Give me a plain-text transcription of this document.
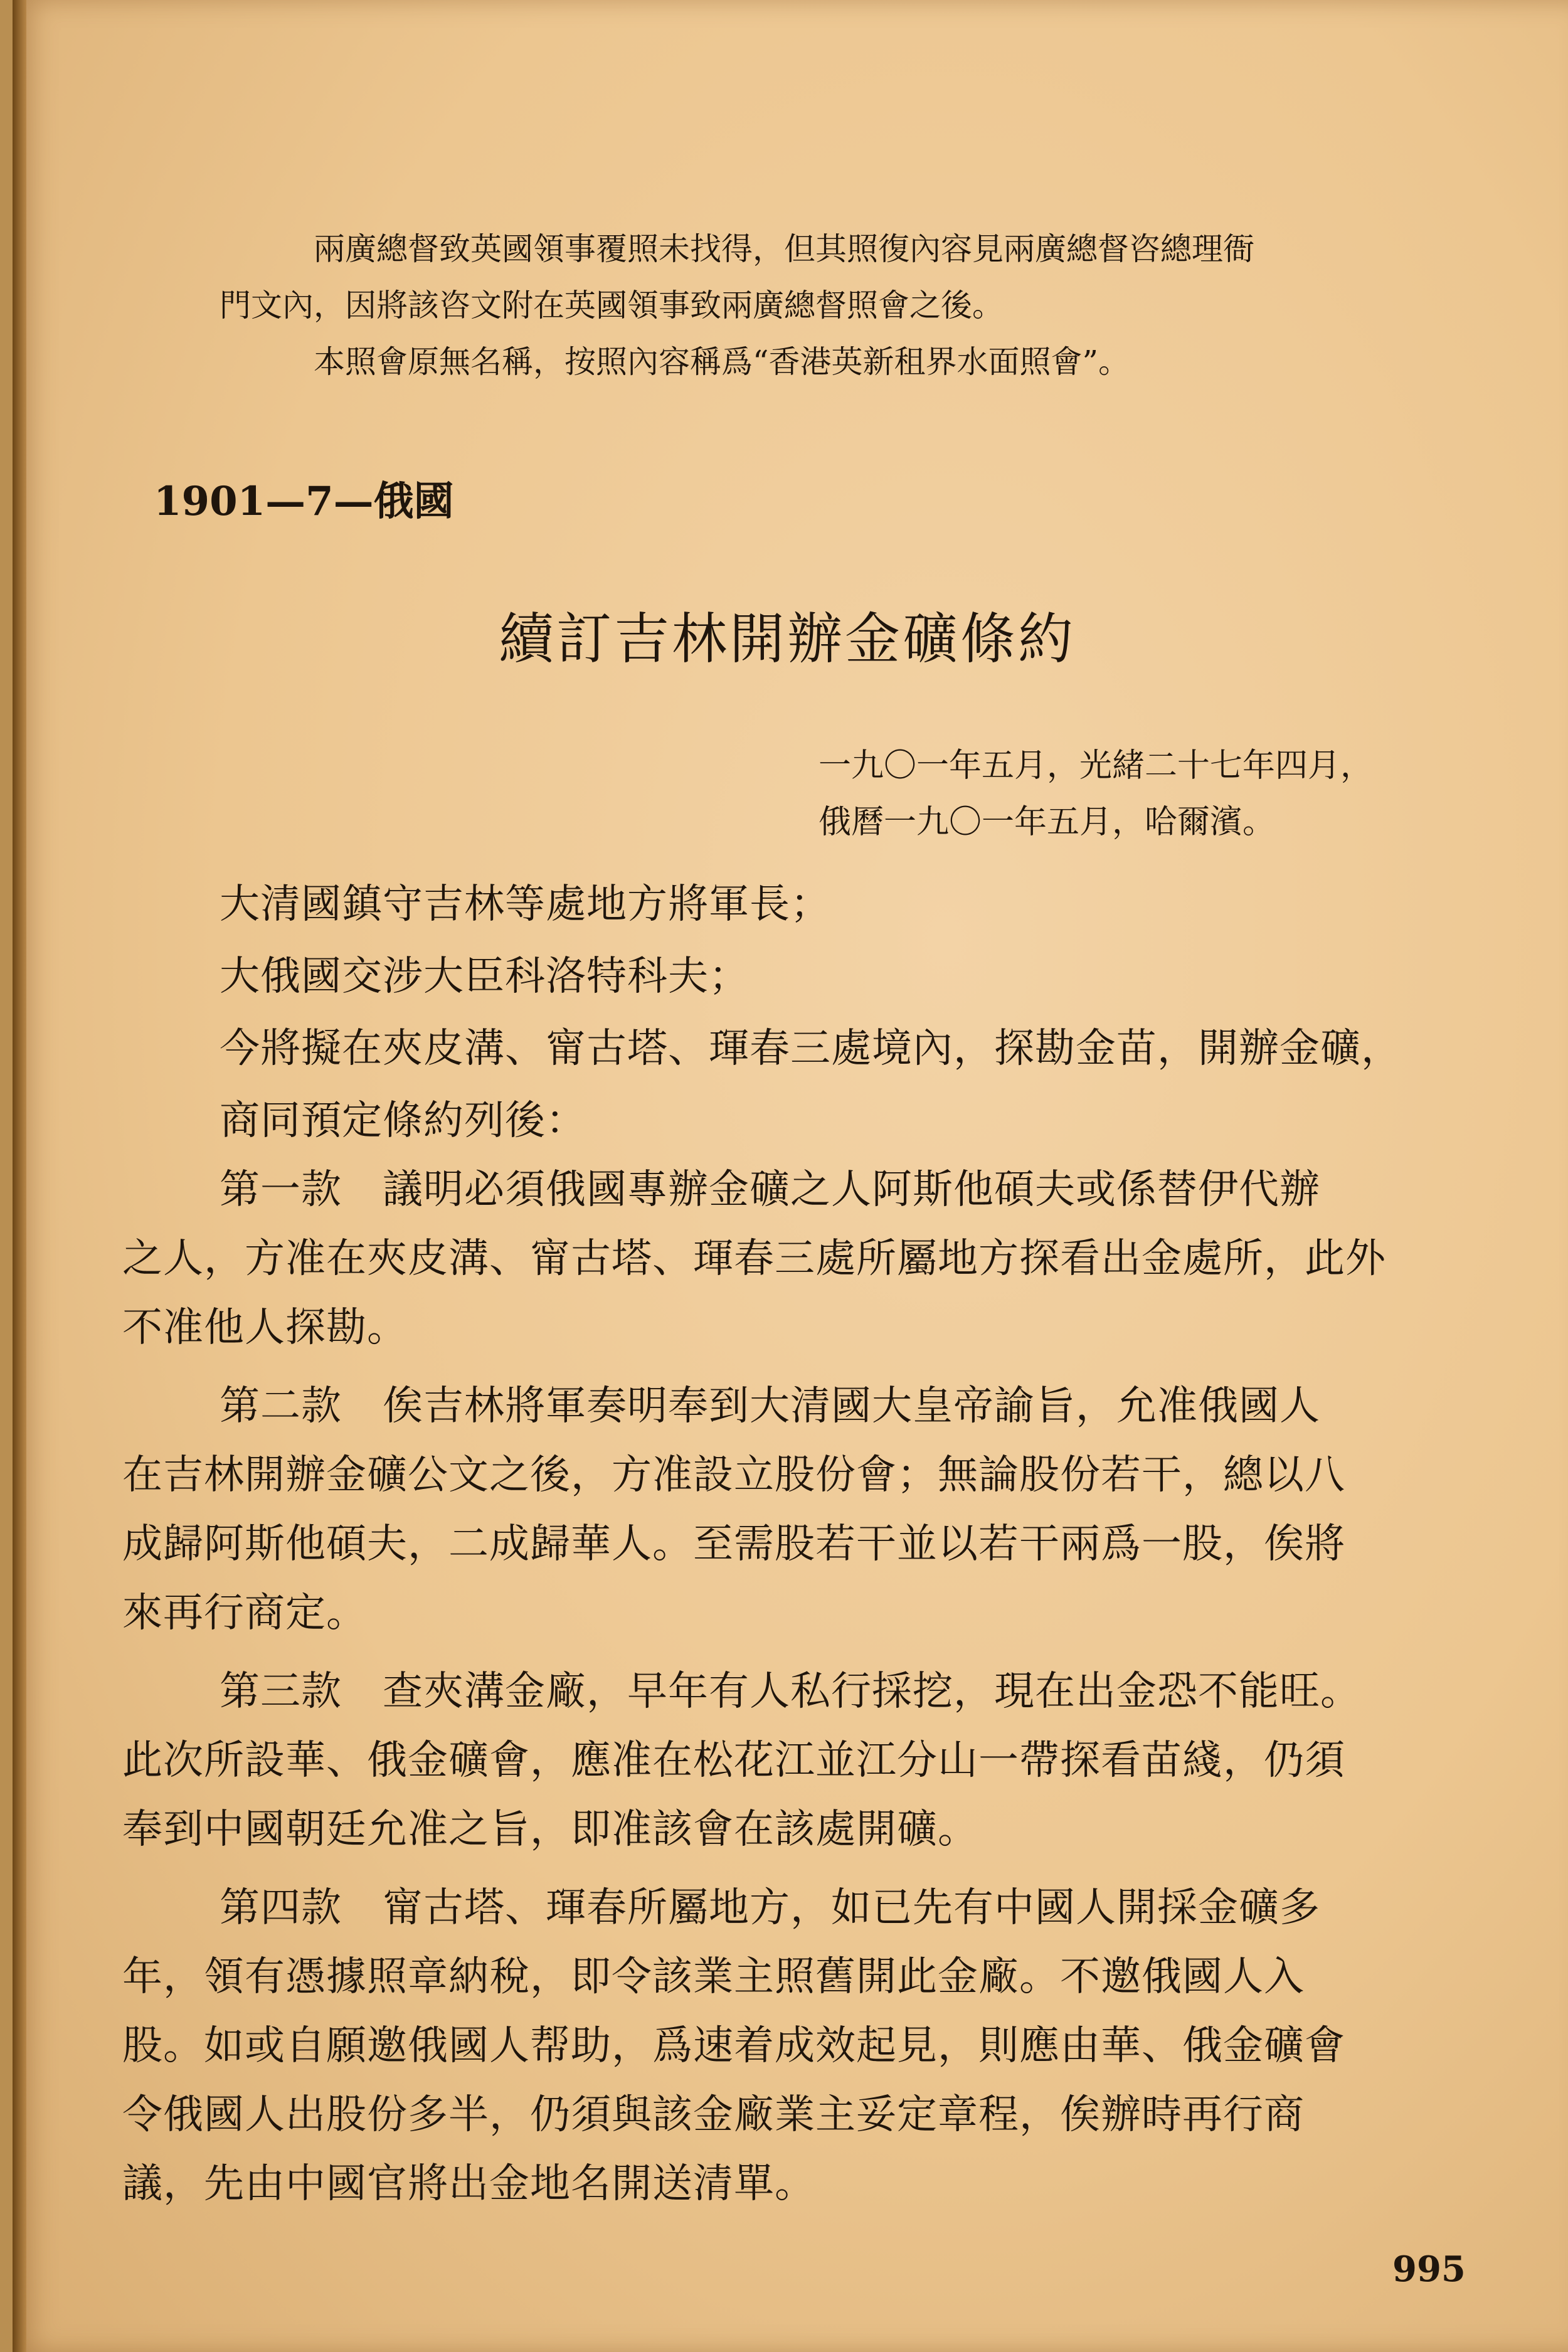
兩廣總督致英國領事覆照未找得，但其照復內容見兩廣總督咨總理衙
門文內，因將該咨文附在英國領事致兩廣總督照會之後。
本照會原無名稱，按照內容稱爲“香港英新租界水面照會”。
1901—7—俄國
續訂吉林開辦金礦條約
一九〇一年五月，光緒二十七年四月，
俄曆一九〇一年五月，哈爾濱。
大清國鎮守吉林等處地方將軍長；
大俄國交涉大臣科洛特科夫；
今將擬在夾皮溝、甯古塔、琿春三處境內，探勘金苗，開辦金礦，
商同預定條約列後：
第一款　議明必須俄國專辦金礦之人阿斯他碩夫或係替伊代辦
之人，方准在夾皮溝、甯古塔、琿春三處所屬地方探看出金處所，此外
不准他人探勘。
第二款　俟吉林將軍奏明奉到大清國大皇帝諭旨，允准俄國人
在吉林開辦金礦公文之後，方准設立股份會；無論股份若干，總以八
成歸阿斯他碩夫，二成歸華人。至需股若干並以若干兩爲一股，俟將
來再行商定。
第三款　查夾溝金廠，早年有人私行採挖，現在出金恐不能旺。
此次所設華、俄金礦會，應准在松花江並江分山一帶探看苗綫，仍須
奉到中國朝廷允准之旨，即准該會在該處開礦。
第四款　甯古塔、琿春所屬地方，如已先有中國人開採金礦多
年，領有憑據照章納稅，即令該業主照舊開此金廠。不邀俄國人入
股。如或自願邀俄國人帮助，爲速着成效起見，則應由華、俄金礦會
令俄國人出股份多半，仍須與該金廠業主妥定章程，俟辦時再行商
議，先由中國官將出金地名開送清單。
995
